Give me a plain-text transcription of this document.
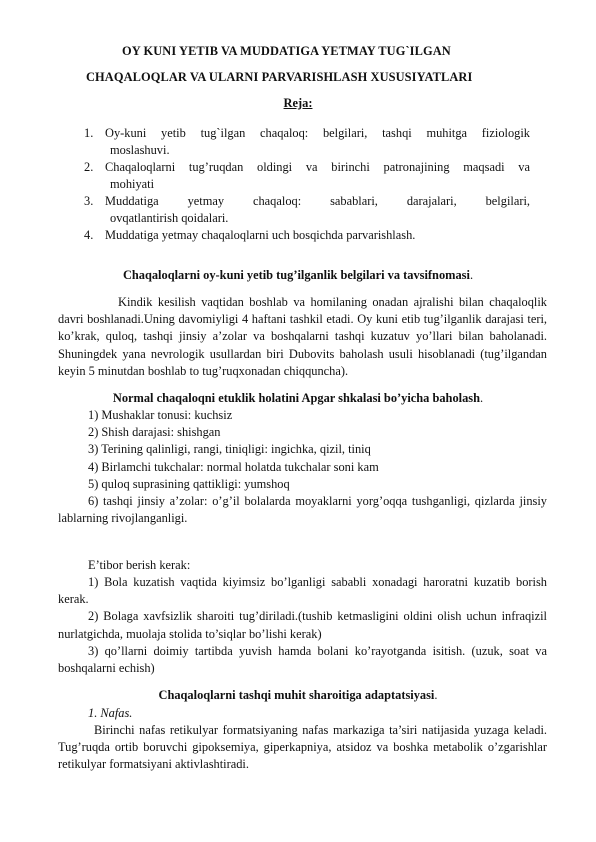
OY KUNI YETIB VA MUDDATIGA YETMAY TUG`ILGAN
CHAQALOQLAR VA ULARNI PARVARISHLASH XUSUSIYATLARI
Reja:
1. Oy-kuni yetib tug`ilgan chaqaloq: belgilari, tashqi muhitga fiziologik
moslashuvi.
2. Chaqaloqlarni tug’ruqdan oldingi va birinchi patronajining maqsadi va
mohiyati
3. Muddatiga yetmay chaqaloq: sabablari, darajalari, belgilari,
ovqatlantirish qoidalari.
4. Muddatiga yetmay chaqaloqlarni uch bosqichda parvarishlash.
Chaqaloqlarni oy-kuni yetib tug’ilganlik belgilari va tavsifnomasi.

Kindik kesilish vaqtidan boshlab va homilaning onadan ajralishi bilan chaqaloqlik davri boshlanadi.Uning davomiyligi 4 haftani tashkil etadi. Oy kuni etib tug’ilganlik darajasi teri, ko’krak, quloq, tashqi jinsiy a’zolar va boshqalarni tashqi kuzatuv yo’llari bilan baholanadi. Shuningdek yana nevrologik usullardan biri Dubovits baholash usuli hisoblanadi (tug’ilgandan keyin 5 minutdan boshlab to tug’ruqxonadan chiqquncha).

Normal chaqaloqni etuklik holatini Apgar shkalasi bo’yicha baholash.
1) Mushaklar tonusi: kuchsiz
2) Shish darajasi: shishgan
3) Terining qalinligi, rangi, tiniqligi: ingichka, qizil, tiniq
4) Birlamchi tukchalar: normal holatda tukchalar soni kam
5) quloq suprasining qattikligi: yumshoq
6) tashqi jinsiy a’zolar: o’g’il bolalarda moyaklarni yorg’oqqa tushganligi, qizlarda jinsiy lablarning rivojlanganligi.
E’tibor berish kerak:
1) Bola kuzatish vaqtida kiyimsiz bo’lganligi sababli xonadagi haroratni kuzatib borish kerak.
2) Bolaga xavfsizlik sharoiti tug’diriladi.(tushib ketmasligini oldini olish uchun infraqizil nurlatgichda, muolaja stolida to’siqlar bo’lishi kerak)
3) qo’llarni doimiy tartibda yuvish hamda bolani ko’rayotganda isitish. (uzuk, soat va boshqalarni echish)
Chaqaloqlarni tashqi muhit sharoitiga adaptatsiyasi.
1. Nafas.

Birinchi nafas retikulyar formatsiyaning nafas markaziga ta’siri natijasida yuzaga keladi. Tug’ruqda ortib boruvchi gipoksemiya, giperkapniya, atsidoz va boshka metabolik o’zgarishlar retikulyar formatsiyani aktivlashtiradi.
